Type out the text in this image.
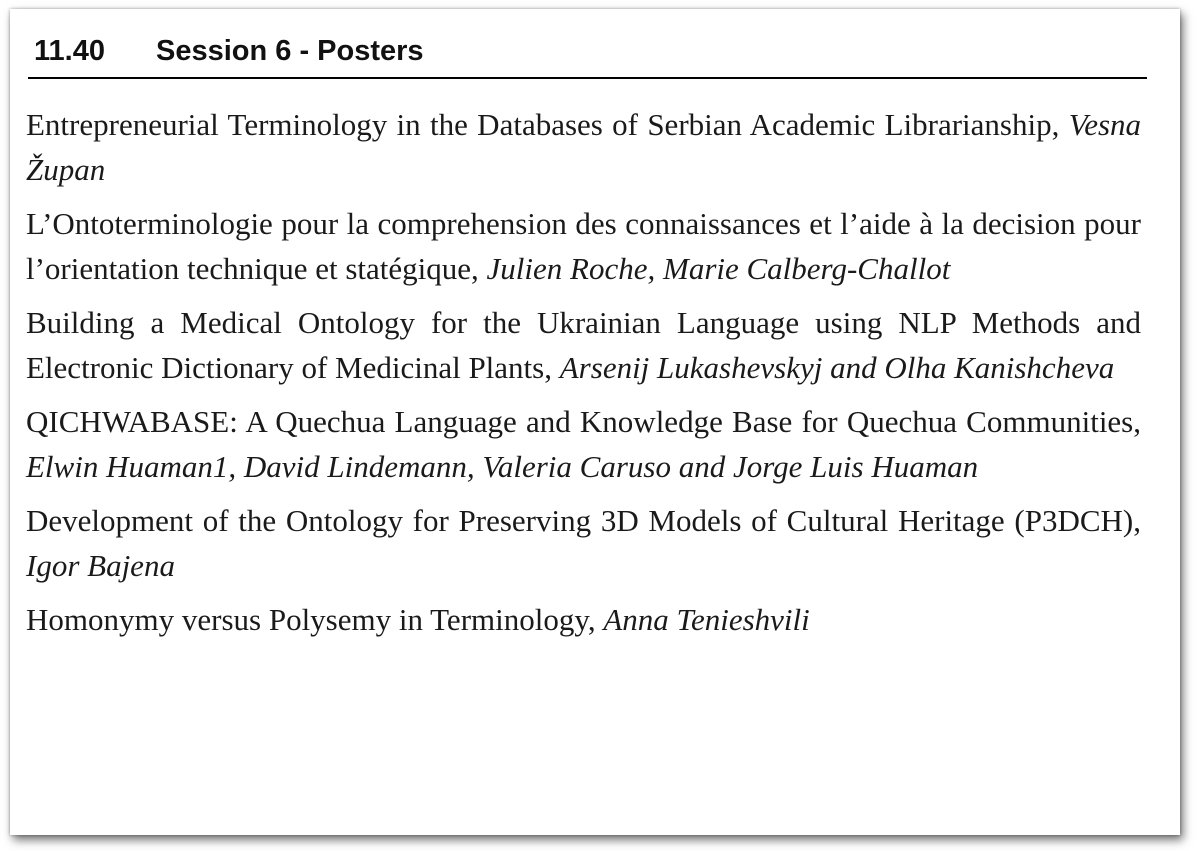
11.40 Session 6 - Posters

Entrepreneurial Terminology in the Databases of Serbian Academic Librarianship, Vesna Župan

L’Ontoterminologie pour la comprehension des connaissances et l’aide à la decision pour l’orientation technique et statégique, Julien Roche, Marie Calberg-Challot

Building a Medical Ontology for the Ukrainian Language using NLP Methods and Electronic Dictionary of Medicinal Plants, Arsenij Lukashevskyj and Olha Kanishcheva

QICHWABASE: A Quechua Language and Knowledge Base for Quechua Communities, Elwin Huaman1, David Lindemann, Valeria Caruso and Jorge Luis Huaman

Development of the Ontology for Preserving 3D Models of Cultural Heritage (P3DCH), Igor Bajena

Homonymy versus Polysemy in Terminology, Anna Tenieshvili
